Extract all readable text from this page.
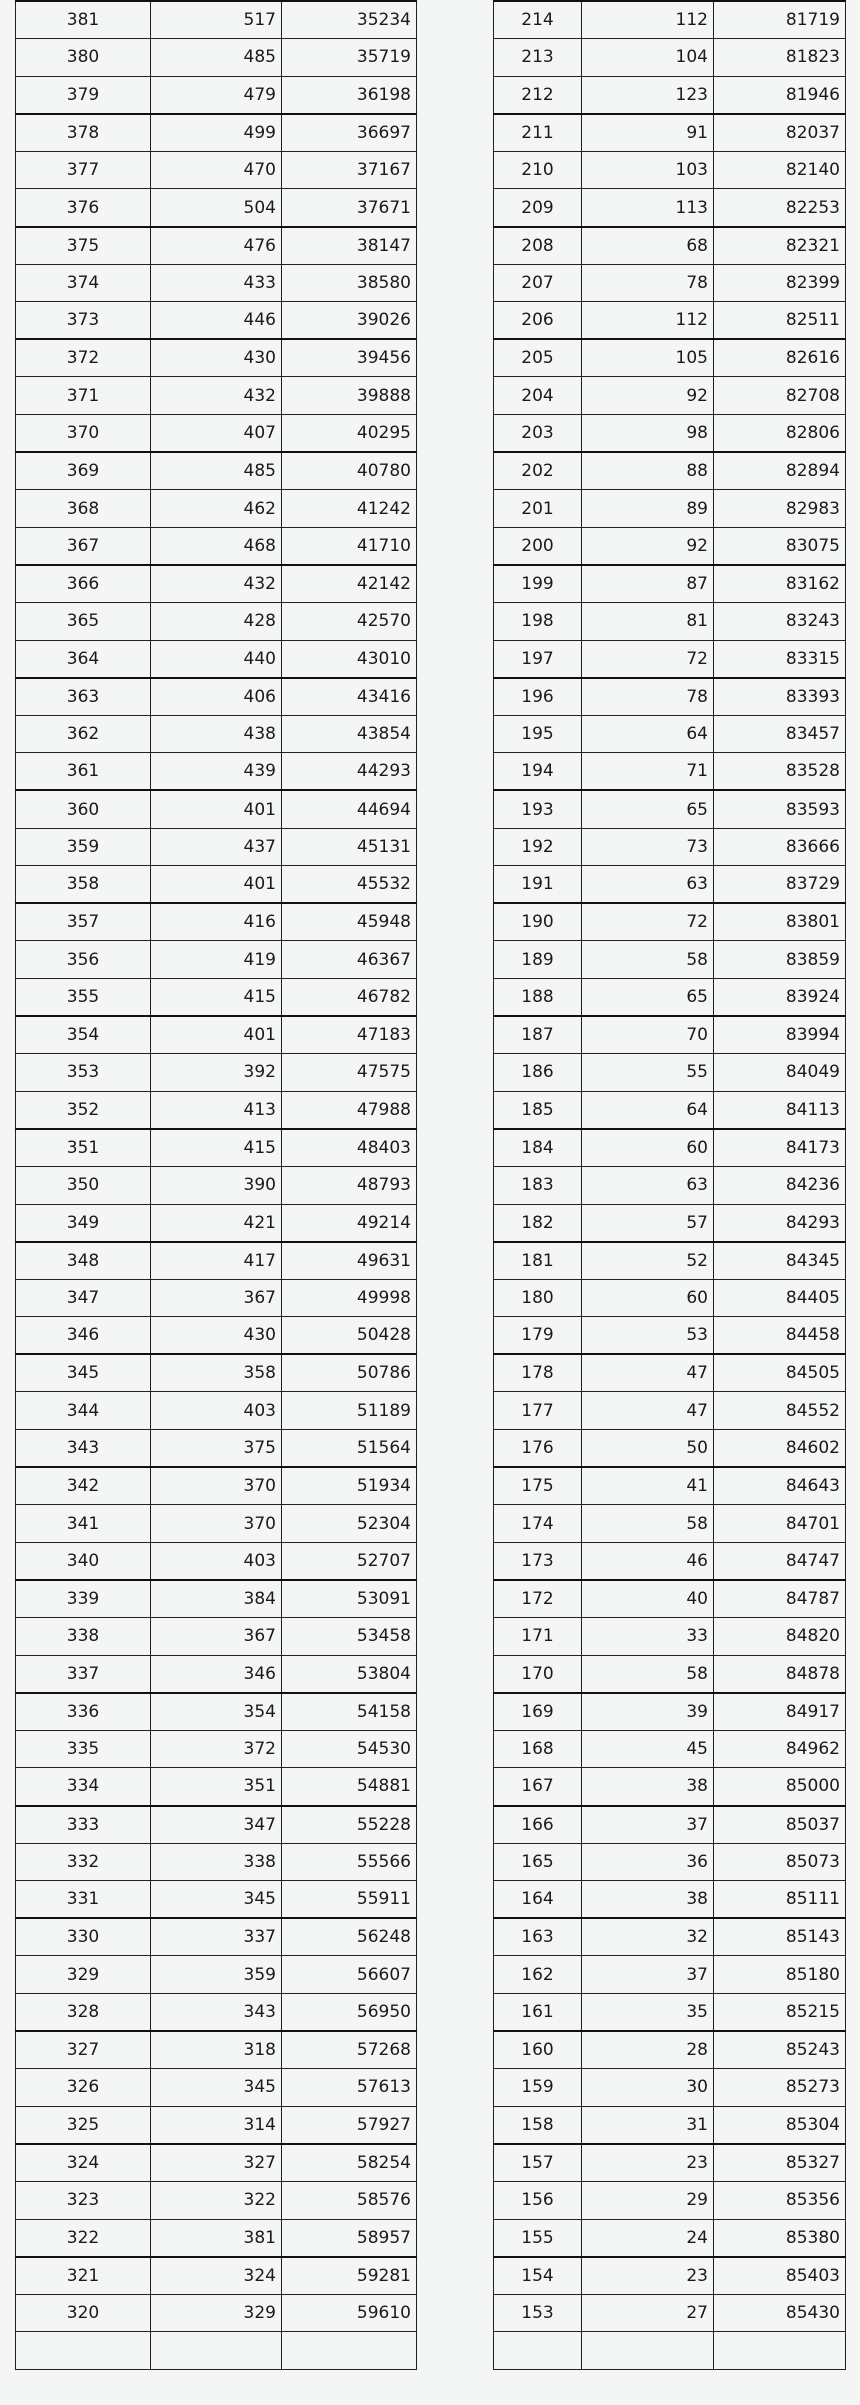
381	517	35234
380	485	35719
379	479	36198
378	499	36697
377	470	37167
376	504	37671
375	476	38147
374	433	38580
373	446	39026
372	430	39456
371	432	39888
370	407	40295
369	485	40780
368	462	41242
367	468	41710
366	432	42142
365	428	42570
364	440	43010
363	406	43416
362	438	43854
361	439	44293
360	401	44694
359	437	45131
358	401	45532
357	416	45948
356	419	46367
355	415	46782
354	401	47183
353	392	47575
352	413	47988
351	415	48403
350	390	48793
349	421	49214
348	417	49631
347	367	49998
346	430	50428
345	358	50786
344	403	51189
343	375	51564
342	370	51934
341	370	52304
340	403	52707
339	384	53091
338	367	53458
337	346	53804
336	354	54158
335	372	54530
334	351	54881
333	347	55228
332	338	55566
331	345	55911
330	337	56248
329	359	56607
328	343	56950
327	318	57268
326	345	57613
325	314	57927
324	327	58254
323	322	58576
322	381	58957
321	324	59281
320	329	59610

214	112	81719
213	104	81823
212	123	81946
211	91	82037
210	103	82140
209	113	82253
208	68	82321
207	78	82399
206	112	82511
205	105	82616
204	92	82708
203	98	82806
202	88	82894
201	89	82983
200	92	83075
199	87	83162
198	81	83243
197	72	83315
196	78	83393
195	64	83457
194	71	83528
193	65	83593
192	73	83666
191	63	83729
190	72	83801
189	58	83859
188	65	83924
187	70	83994
186	55	84049
185	64	84113
184	60	84173
183	63	84236
182	57	84293
181	52	84345
180	60	84405
179	53	84458
178	47	84505
177	47	84552
176	50	84602
175	41	84643
174	58	84701
173	46	84747
172	40	84787
171	33	84820
170	58	84878
169	39	84917
168	45	84962
167	38	85000
166	37	85037
165	36	85073
164	38	85111
163	32	85143
162	37	85180
161	35	85215
160	28	85243
159	30	85273
158	31	85304
157	23	85327
156	29	85356
155	24	85380
154	23	85403
153	27	85430
